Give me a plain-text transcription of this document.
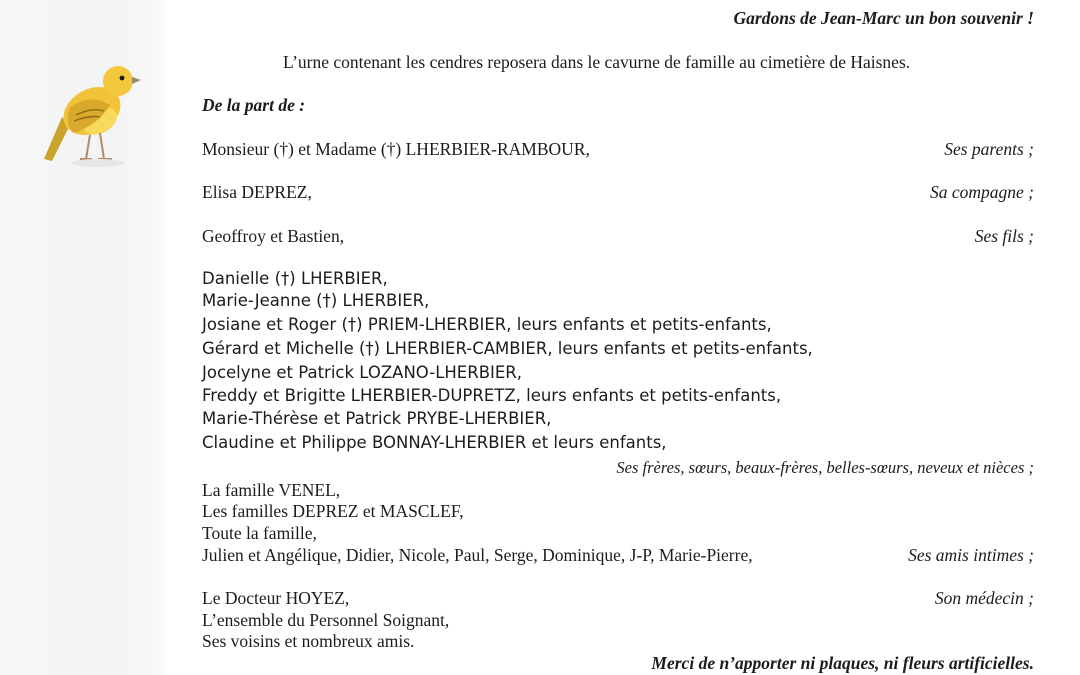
Gardons de Jean-Marc un bon souvenir !
L’urne contenant les cendres reposera dans le cavurne de famille au cimetière de Haisnes.
De la part de :
Monsieur (†) et Madame (†) LHERBIER-RAMBOUR,	Ses parents ;
Elisa DEPREZ,	Sa compagne ;
Geoffroy et Bastien,	Ses fils ;
Danielle (†) LHERBIER,
Marie-Jeanne (†) LHERBIER,
Josiane et Roger (†) PRIEM-LHERBIER, leurs enfants et petits-enfants,
Gérard et Michelle (†) LHERBIER-CAMBIER, leurs enfants et petits-enfants,
Jocelyne et Patrick LOZANO-LHERBIER,
Freddy et Brigitte LHERBIER-DUPRETZ, leurs enfants et petits-enfants,
Marie-Thérèse et Patrick PRYBE-LHERBIER,
Claudine et Philippe BONNAY-LHERBIER et leurs enfants,
Ses frères, sœurs, beaux-frères, belles-sœurs, neveux et nièces ;
La famille VENEL,
Les familles DEPREZ et MASCLEF,
Toute la famille,
Julien et Angélique, Didier, Nicole, Paul, Serge, Dominique, J-P, Marie-Pierre,	Ses amis intimes ;
Le Docteur HOYEZ,	Son médecin ;
L’ensemble du Personnel Soignant,
Ses voisins et nombreux amis.
Merci de n’apporter ni plaques, ni fleurs artificielles.
